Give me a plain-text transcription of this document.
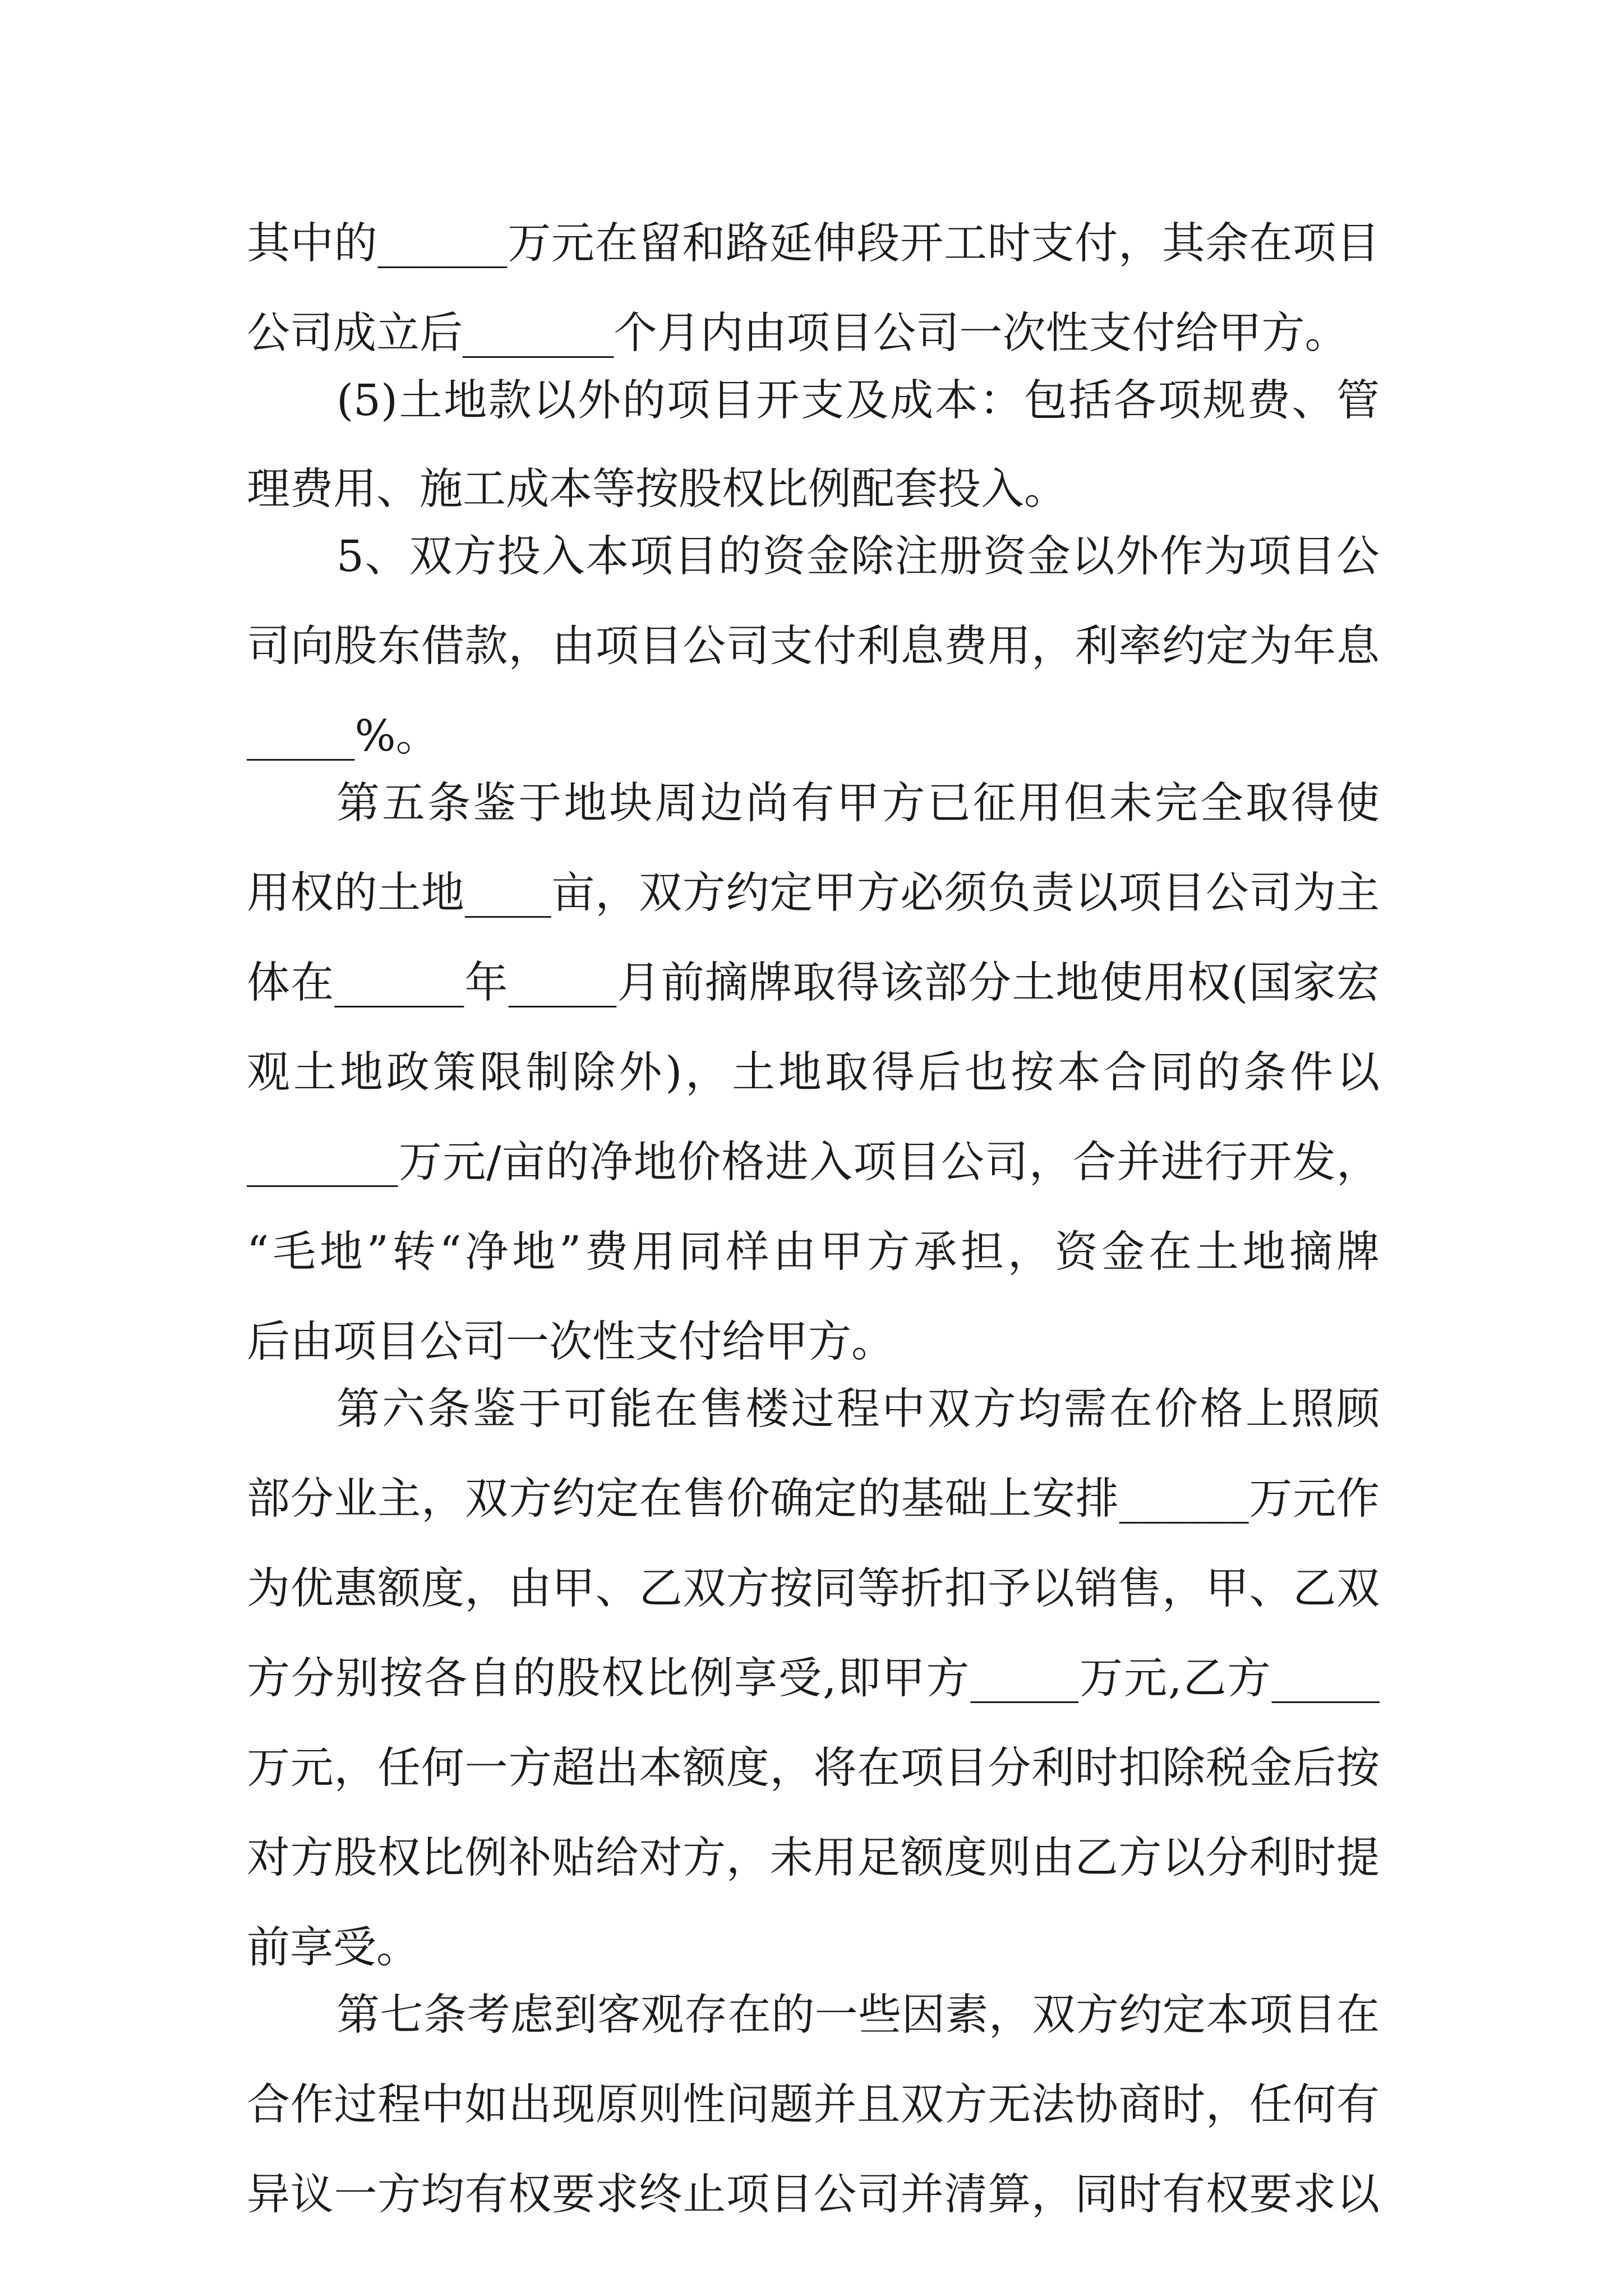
其中的______万元在留和路延伸段开工时支付，其余在项目
公司成立后_______个月内由项目公司一次性支付给甲方。
(5)土地款以外的项目开支及成本：包括各项规费、管
理费用、施工成本等按股权比例配套投入。
5、双方投入本项目的资金除注册资金以外作为项目公
司向股东借款，由项目公司支付利息费用，利率约定为年息
_____%。
第五条鉴于地块周边尚有甲方已征用但未完全取得使
用权的土地____亩，双方约定甲方必须负责以项目公司为主
体在______年_____月前摘牌取得该部分土地使用权(国家宏
观土地政策限制除外)，土地取得后也按本合同的条件以
_______万元/亩的净地价格进入项目公司，合并进行开发，
“毛地”转“净地”费用同样由甲方承担，资金在土地摘牌
后由项目公司一次性支付给甲方。
第六条鉴于可能在售楼过程中双方均需在价格上照顾
部分业主，双方约定在售价确定的基础上安排______万元作
为优惠额度，由甲、乙双方按同等折扣予以销售，甲、乙双
方分别按各自的股权比例享受,即甲方_____万元,乙方_____
万元，任何一方超出本额度，将在项目分利时扣除税金后按
对方股权比例补贴给对方，未用足额度则由乙方以分利时提
前享受。
第七条考虑到客观存在的一些因素，双方约定本项目在
合作过程中如出现原则性问题并且双方无法协商时，任何有
异议一方均有权要求终止项目公司并清算，同时有权要求以
